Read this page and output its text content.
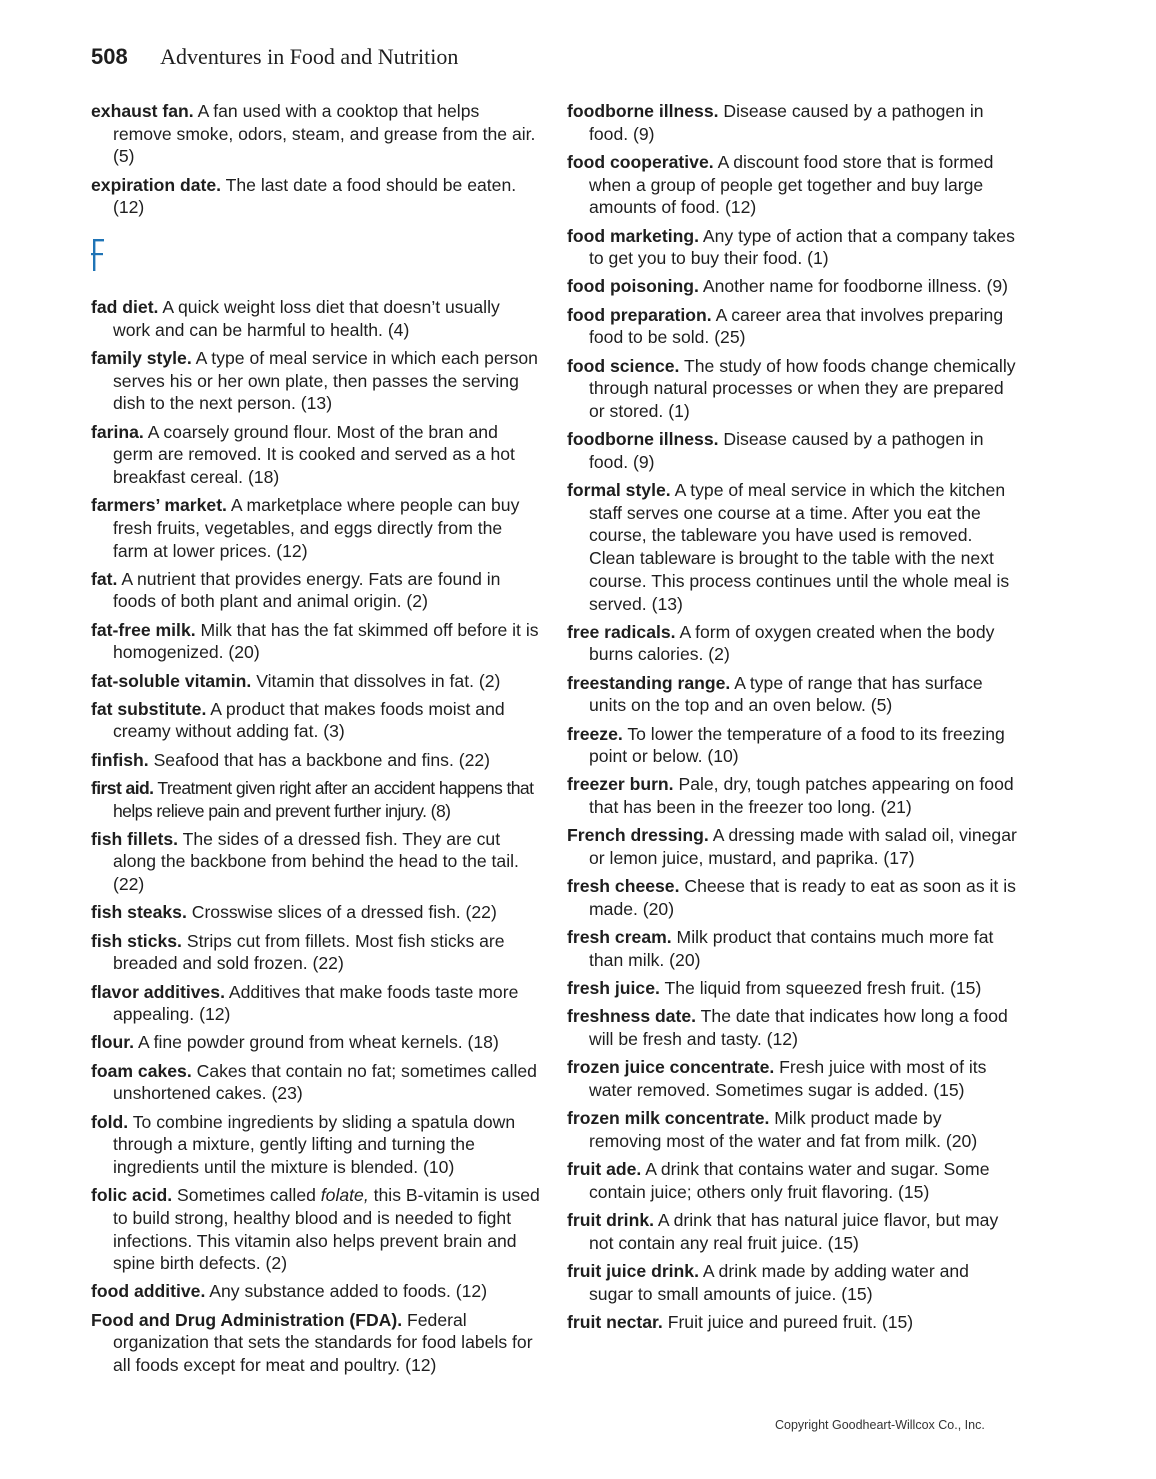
508 Adventures in Food and Nutrition
exhaust fan. A fan used with a cooktop that helps remove smoke, odors, steam, and grease from the air. (5)
expiration date. The last date a food should be eaten. (12)
fad diet. A quick weight loss diet that doesn’t usually work and can be harmful to health. (4)
family style. A type of meal service in which each person serves his or her own plate, then passes the serving dish to the next person. (13)
farina. A coarsely ground flour. Most of the bran and germ are removed. It is cooked and served as a hot breakfast cereal. (18)
farmers’ market. A marketplace where people can buy fresh fruits, vegetables, and eggs directly from the farm at lower prices. (12)
fat. A nutrient that provides energy. Fats are found in foods of both plant and animal origin. (2)
fat-free milk. Milk that has the fat skimmed off before it is homogenized. (20)
fat-soluble vitamin. Vitamin that dissolves in fat. (2)
fat substitute. A product that makes foods moist and creamy without adding fat. (3)
finfish. Seafood that has a backbone and fins. (22)
first aid. Treatment given right after an accident happens that helps relieve pain and prevent further injury. (8)
fish fillets. The sides of a dressed fish. They are cut along the backbone from behind the head to the tail. (22)
fish steaks. Crosswise slices of a dressed fish. (22)
fish sticks. Strips cut from fillets. Most fish sticks are breaded and sold frozen. (22)
flavor additives. Additives that make foods taste more appealing. (12)
flour. A fine powder ground from wheat kernels. (18)
foam cakes. Cakes that contain no fat; sometimes called unshortened cakes. (23)
fold. To combine ingredients by sliding a spatula down through a mixture, gently lifting and turning the ingredients until the mixture is blended. (10)
folic acid. Sometimes called folate, this B-vitamin is used to build strong, healthy blood and is needed to fight infections. This vitamin also helps prevent brain and spine birth defects. (2)
food additive. Any substance added to foods. (12)
Food and Drug Administration (FDA). Federal organization that sets the standards for food labels for all foods except for meat and poultry. (12)
foodborne illness. Disease caused by a pathogen in food. (9)
food cooperative. A discount food store that is formed when a group of people get together and buy large amounts of food. (12)
food marketing. Any type of action that a company takes to get you to buy their food. (1)
food poisoning. Another name for foodborne illness. (9)
food preparation. A career area that involves preparing food to be sold. (25)
food science. The study of how foods change chemically through natural processes or when they are prepared or stored. (1)
foodborne illness. Disease caused by a pathogen in food. (9)
formal style. A type of meal service in which the kitchen staff serves one course at a time. After you eat the course, the tableware you have used is removed. Clean tableware is brought to the table with the next course. This process continues until the whole meal is served. (13)
free radicals. A form of oxygen created when the body burns calories. (2)
freestanding range. A type of range that has surface units on the top and an oven below. (5)
freeze. To lower the temperature of a food to its freezing point or below. (10)
freezer burn. Pale, dry, tough patches appearing on food that has been in the freezer too long. (21)
French dressing. A dressing made with salad oil, vinegar or lemon juice, mustard, and paprika. (17)
fresh cheese. Cheese that is ready to eat as soon as it is made. (20)
fresh cream. Milk product that contains much more fat than milk. (20)
fresh juice. The liquid from squeezed fresh fruit. (15)
freshness date. The date that indicates how long a food will be fresh and tasty. (12)
frozen juice concentrate. Fresh juice with most of its water removed. Sometimes sugar is added. (15)
frozen milk concentrate. Milk product made by removing most of the water and fat from milk. (20)
fruit ade. A drink that contains water and sugar. Some contain juice; others only fruit flavoring. (15)
fruit drink. A drink that has natural juice flavor, but may not contain any real fruit juice. (15)
fruit juice drink. A drink made by adding water and sugar to small amounts of juice. (15)
fruit nectar. Fruit juice and pureed fruit. (15)
Copyright Goodheart-Willcox Co., Inc.
